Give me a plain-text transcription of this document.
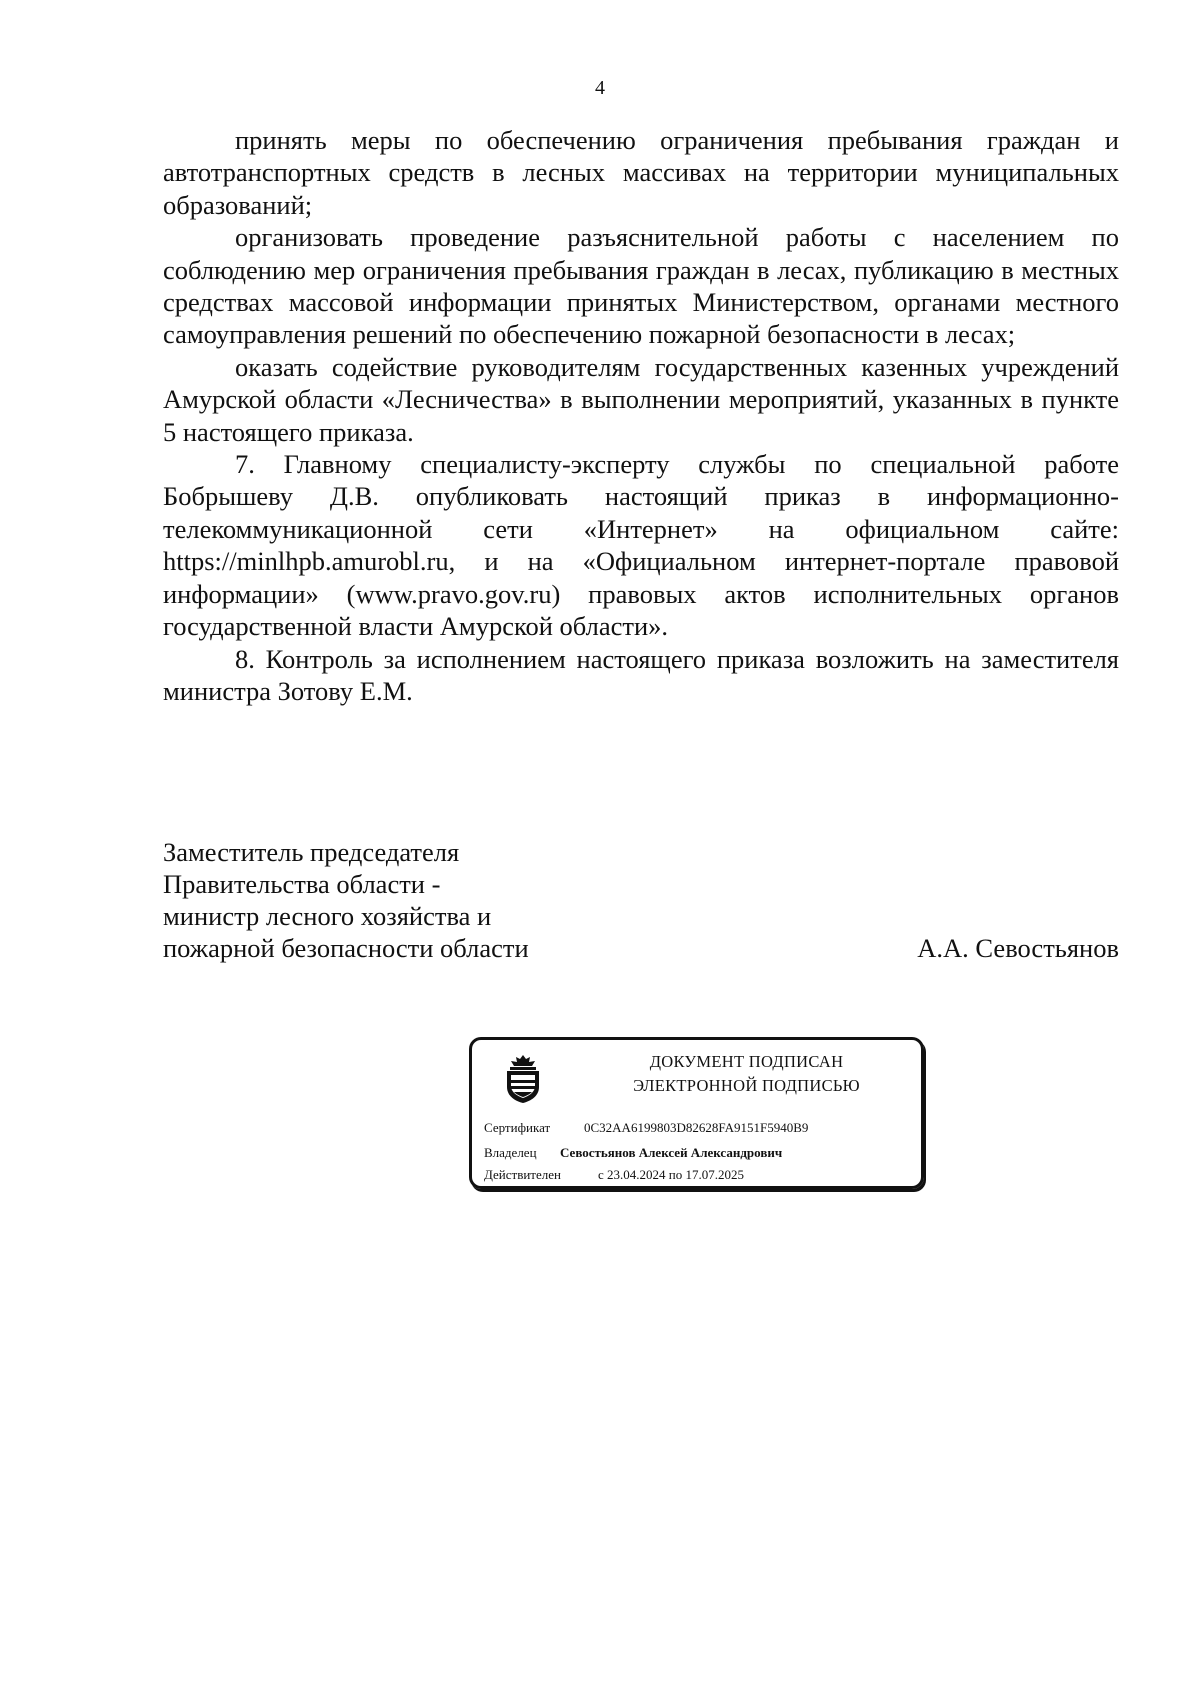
4

принять меры по обеспечению ограничения пребывания граждан и автотранспортных средств в лесных массивах на территории муниципальных образований;

организовать проведение разъяснительной работы с населением по соблюдению мер ограничения пребывания граждан в лесах, публикацию в местных средствах массовой информации принятых Министерством, органами местного самоуправления решений по обеспечению пожарной безопасности в лесах;

оказать содействие руководителям государственных казенных учреждений Амурской области «Лесничества» в выполнении мероприятий, указанных в пункте 5 настоящего приказа.

7. Главному специалисту-эксперту службы по специальной работе Бобрышеву Д.В. опубликовать настоящий приказ в информационно-телекоммуникационной сети «Интернет» на официальном сайте: https://minlhpb.amurobl.ru, и на «Официальном интернет-портале правовой информации» (www.pravo.gov.ru) правовых актов исполнительных органов государственной власти Амурской области».

8. Контроль за исполнением настоящего приказа возложить на заместителя министра Зотову Е.М.

Заместитель председателя
Правительства области -
министр лесного хозяйства и
пожарной безопасности области	А.А. Севостьянов
ДОКУМЕНТ ПОДПИСАН
ЭЛЕКТРОННОЙ ПОДПИСЬЮ
Сертификат	0C32AA6199803D82628FA9151F5940B9
Владелец Севостьянов Алексей Александрович
Действителен	с 23.04.2024 по 17.07.2025
